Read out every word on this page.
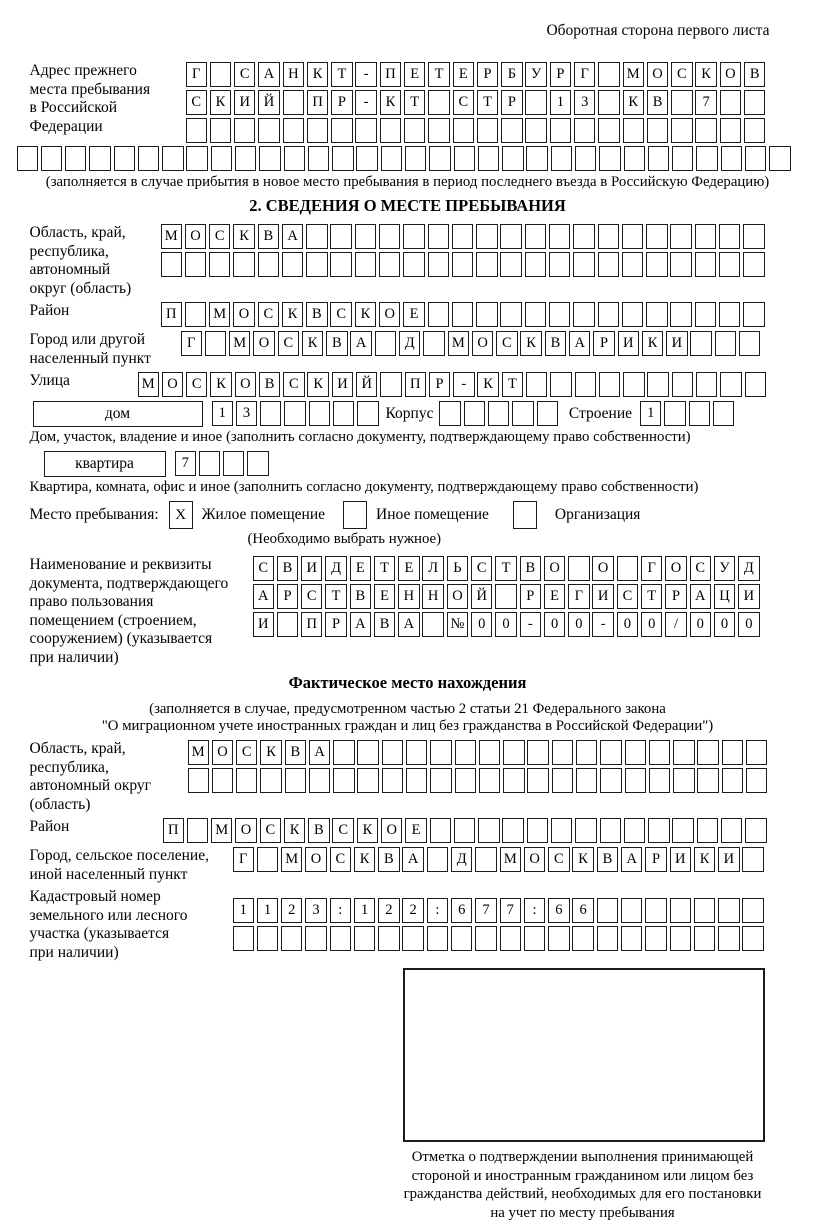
Оборотная сторона первого листа
Адрес прежнего
места пребывания
в Российской
Федерации
Г	С А Н К	Т	-	П	Е	Т	Е	Р	Б	У	Р	Г	М О С	К О В
С	К И Й	П	Р	-	К	Т	С	Т	Р	1	3	К	В	7
(заполняется в случае прибытия в новое место пребывания в период последнего въезда в Российскую Федерацию)
2. СВЕДЕНИЯ О МЕСТЕ ПРЕБЫВАНИЯ
Область, край,
республика,
автономный
округ (область)
М О С	К	В А
Район	П	М О С	К	В	С	К О	Е
Город или другой
населенный пункт
Г	М О С	К	В А	Д	М О С	К	В А	Р	И К И
Улица	М О С	К О В	С	К И Й	П	Р	-	К	Т
дом	1	3	Корпус	Строение	1
Дом, участок, владение и иное (заполнить согласно документу, подтверждающему право собственности)
квартира	7
Квартира, комната, офис и иное (заполнить согласно документу, подтверждающему право собственности)
Место пребывания:	X	Жилое помещение	Иное помещение	Организация
(Необходимо выбрать нужное)
Наименование и реквизиты
документа, подтверждающего
право пользования
помещением (строением,
сооружением) (указывается
при наличии)
С	В И Д	Е	Т	Е	Л	Ь	С	Т	В О	О	Г	О С У Д
А	Р	С	Т	В	Е	Н Н О Й	Р	Е	Г	И С	Т	Р	А Ц И
И	П	Р	А В А	№ 0	0	-	0	0	-	0	0	/	0	0	0
Фактическое место нахождения
(заполняется в случае, предусмотренном частью 2 статьи 21 Федерального закона
"О миграционном учете иностранных граждан и лиц без гражданства в Российской Федерации")
Область, край,
республика,
автономный округ
(область)
М О С	К	В А
Район	П	М О С	К	В	С	К О	Е
Город, сельское поселение,
иной населенный пункт
Г	М О С	К	В А	Д	М О С	К	В А	Р	И К И
Кадастровый номер
земельного или лесного
участка (указывается
при наличии)
1	1	2	3	:	1	2	2	:	6	7	7	:	6	6
Отметка о подтверждении выполнения принимающей
стороной и иностранным гражданином или лицом без
гражданства действий, необходимых для его постановки
на учет по месту пребывания
